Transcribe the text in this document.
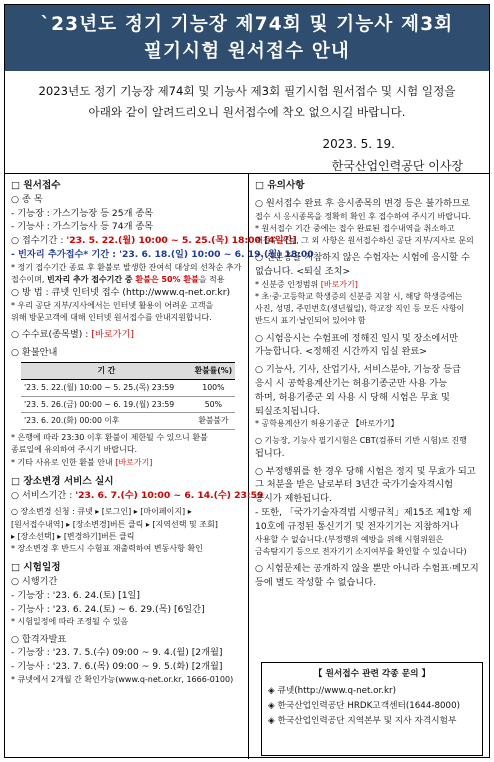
`23년도 정기 기능장 제74회 및 기능사 제3회
필기시험 원서접수 안내

2023년도 정기 기능장 제74회 및 기능사 제3회 필기시험 원서접수 및 시험 일정을

아래와 같이 알려드리오니 원서접수에 착오 없으시길 바랍니다.

2023. 5. 19.
한국산업인력공단 이사장
□ 원서접수
○ 종 목
- 기능장 : 가스기능장 등 25개 종목
- 기능사 : 가스기능사 등 74개 종목
○ 접수기간 : '23. 5. 22.(월) 10:00 ~ 5. 25.(목) 18:00 [4일간]
- 빈자리 추가접수* 기간 : '23. 6. 18.(일) 10:00 ~ 6. 19.(월) 18:00
* 정기 접수기간 종료 후 환불로 발생한 잔여석 대상의 선착순 추가
접수이며, 빈자리 추가 접수기간 중 환불은 50% 환불을 적용
○ 방 법 : 큐넷 인터넷 접수 (http://www.q-net.or.kr)
* 우리 공단 지부/지사에서는 인터넷 활용이 어려운 고객을
위해 방문고객에 대해 인터넷 원서접수를 안내지원합니다.
○ 수수료(종목별) : [바로가기]
○ 환불안내
기 간	환불률(%)
'23. 5. 22.(월) 10:00 ~ 5. 25.(목) 23:59	100%
'23. 5. 26.(금) 00:00 ~ 6. 19.(월) 23:59	50%
'23. 6. 20.(화) 00:00 이후	환불불가
* 은행에 따라 23:30 이후 환불이 제한될 수 있으니 환불
종료일에 유의하여 주시기 바랍니다.
* 기타 사유로 인한 환불 안내 [바로가기]
□ 장소변경 서비스 실시
○ 서비스기간 : '23. 6. 7.(수) 10:00 ~ 6. 14.(수) 23:59
○ 장소변경 신청 : 큐넷 ▸ [로그인] ▸ [마이페이지] ▸
[원서접수내역] ▸ [장소변경]버튼 클릭 ▸ [지역선택 및 조회]
▸ [장소선택] ▸ [변경하기]버튼 클릭
* 장소변경 후 반드시 수험표 재출력하여 변동사항 확인
□ 시험일정
○ 시행기간
- 기능장 : '23. 6. 24.(토) [1일]
- 기능사 : '23. 6. 24.(토) ~ 6. 29.(목) [6일간]
* 시험일정에 따라 조정될 수 있음
○ 합격자발표
- 기능장 : '23. 7. 5.(수) 09:00 ~ 9. 4.(월) [2개월]
- 기능사 : '23. 7. 6.(목) 09:00 ~ 9. 5.(화) [2개월]
* 큐넷에서 2개월 간 확인가능(www.q-net.or.kr, 1666-0100)
□ 유의사항
○ 원서접수 완료 후 응시종목의 변경 등은 불가하므로
접수 시 응시종목을 정확히 확인 후 접수하여 주시기 바랍니다.
* 원서접수 기간 중에는 접수 완료된 접수내역을 취소하고
재접수 가능, 그 외 사항은 원서접수하신 공단 지부/지사로 문의
○ 신분증을 지참하지 않은 수험자는 시험에 응시할 수
없습니다. <퇴실 조치>
* 신분증 인정범위 [바로가기]
* 초·중·고등학교 학생증의 신분증 지참 시, 해당 학생증에는
사진, 성명, 주민번호(생년월일), 학교장 직인 등 모든 사항이
반드시 표기·날인되어 있어야 함
○ 시험응시는 수험표에 정해진 일시 및 장소에서만
가능합니다. <정해진 시간까지 입실 완료>
○ 기능사, 기사, 산업기사, 서비스분야, 기능장 등급
응시 시 공학용계산기는 허용기종군만 사용 가능
하며, 허용기종군 외 사용 시 당해 시험은 무효 및
퇴실조치됩니다.
* 공학용계산기 허용기종군 【바로가기】
○ 기능장, 기능사 필기시험은 CBT(컴퓨터 기반 시험)로 진행
됩니다.
○ 부정행위를 한 경우 당해 시험은 정지 및 무효가 되고
그 처분을 받은 날로부터 3년간 국가기술자격시험
응시가 제한됩니다.
- 또한, 「국가기술자격법 시행규칙」제15조 제1항 제
10호에 규정된 통신기기 및 전자기기는 지참하거나
사용할 수 없습니다.(부정행위 예방을 위해 시험위원은
금속탐지기 등으로 전자기기 소지여부를 확인할 수 있습니다)
○ 시험문제는 공개하지 않을 뿐만 아니라 수험표·메모지
등에 별도 작성할 수 없습니다.
【 원서접수 관련 각종 문의 】
◈ 큐넷(http://www.q-net.or.kr)
◈ 한국산업인력공단 HRDK고객센터(1644-8000)
◈ 한국산업인력공단 지역본부 및 지사 자격시험부
